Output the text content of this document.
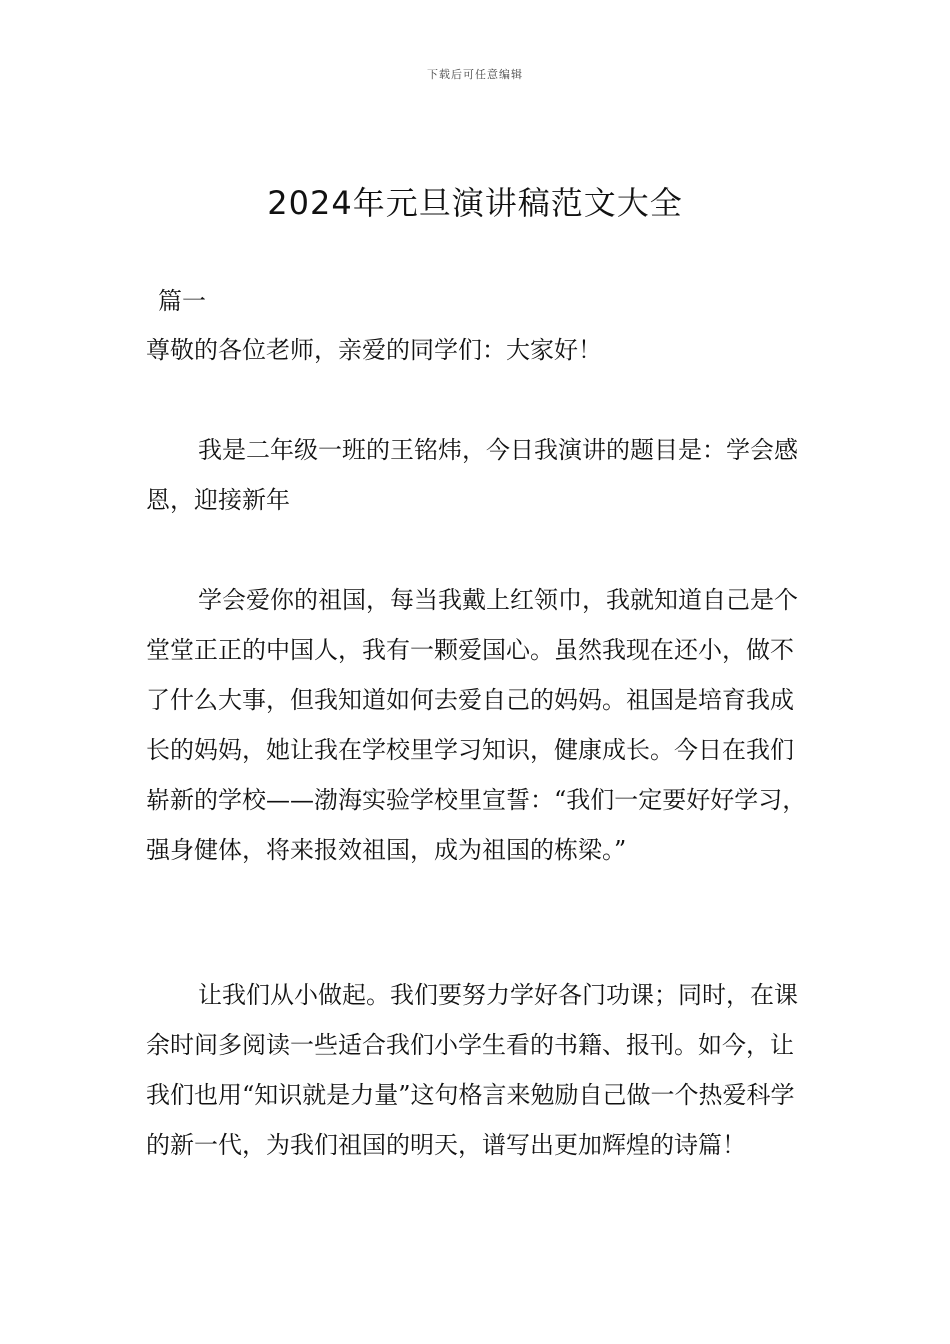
下载后可任意编辑
2024年元旦演讲稿范文大全

篇一

尊敬的各位老师，亲爱的同学们：大家好！

我是二年级一班的王铭炜，今日我演讲的题目是：学会感恩，迎接新年

学会爱你的祖国，每当我戴上红领巾，我就知道自己是个堂堂正正的中国人，我有一颗爱国心。虽然我现在还小，做不了什么大事，但我知道如何去爱自己的妈妈。祖国是培育我成长的妈妈，她让我在学校里学习知识，健康成长。今日在我们崭新的学校——渤海实验学校里宣誓：“我们一定要好好学习，强身健体，将来报效祖国，成为祖国的栋梁。”

让我们从小做起。我们要努力学好各门功课；同时，在课余时间多阅读一些适合我们小学生看的书籍、报刊。如今，让我们也用“知识就是力量”这句格言来勉励自己做一个热爱科学的新一代，为我们祖国的明天，谱写出更加辉煌的诗篇！
